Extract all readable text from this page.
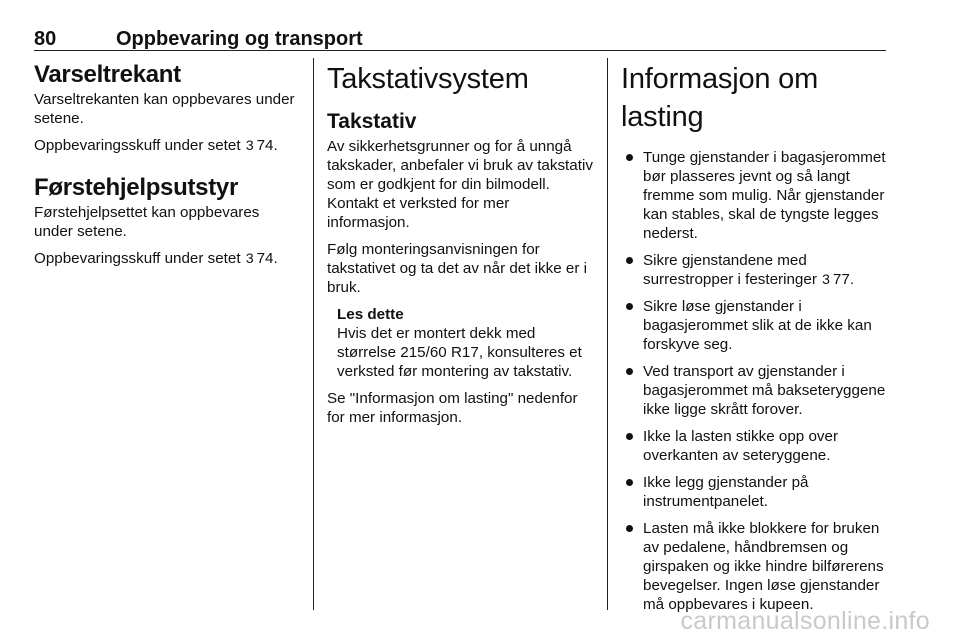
80	Oppbevaring og transport
Varseltrekant

Varseltrekanten kan oppbevares under setene.

Oppbevaringsskuff under setet 3 74.

Førstehjelpsutstyr

Førstehjelpsettet kan oppbevares under setene.

Oppbevaringsskuff under setet 3 74.

Takstativsystem
Takstativ

Av sikkerhetsgrunner og for å unngå takskader, anbefaler vi bruk av takstativ som er godkjent for din bilmodell. Kontakt et verksted for mer informasjon.

Følg monteringsanvisningen for takstativet og ta det av når det ikke er i bruk.

Les dette

Hvis det er montert dekk med størrelse 215/60 R17, konsulteres et verksted før montering av takstativ.

Se "Informasjon om lasting" nedenfor for mer informasjon.

Informasjon om lasting
Tunge gjenstander i bagasjerommet bør plasseres jevnt og så langt fremme som mulig. Når gjenstander kan stables, skal de tyngste legges nederst.
Sikre gjenstandene med surrestropper i festeringer 3 77.
Sikre løse gjenstander i bagasjerommet slik at de ikke kan forskyve seg.
Ved transport av gjenstander i bagasjerommet må bakseteryggene ikke ligge skrått forover.
Ikke la lasten stikke opp over overkanten av seteryggene.
Ikke legg gjenstander på instrumentpanelet.
Lasten må ikke blokkere for bruken av pedalene, håndbremsen og girspaken og ikke hindre bilførerens bevegelser. Ingen løse gjenstander må oppbevares i kupeen.
carmanualsonline.info
